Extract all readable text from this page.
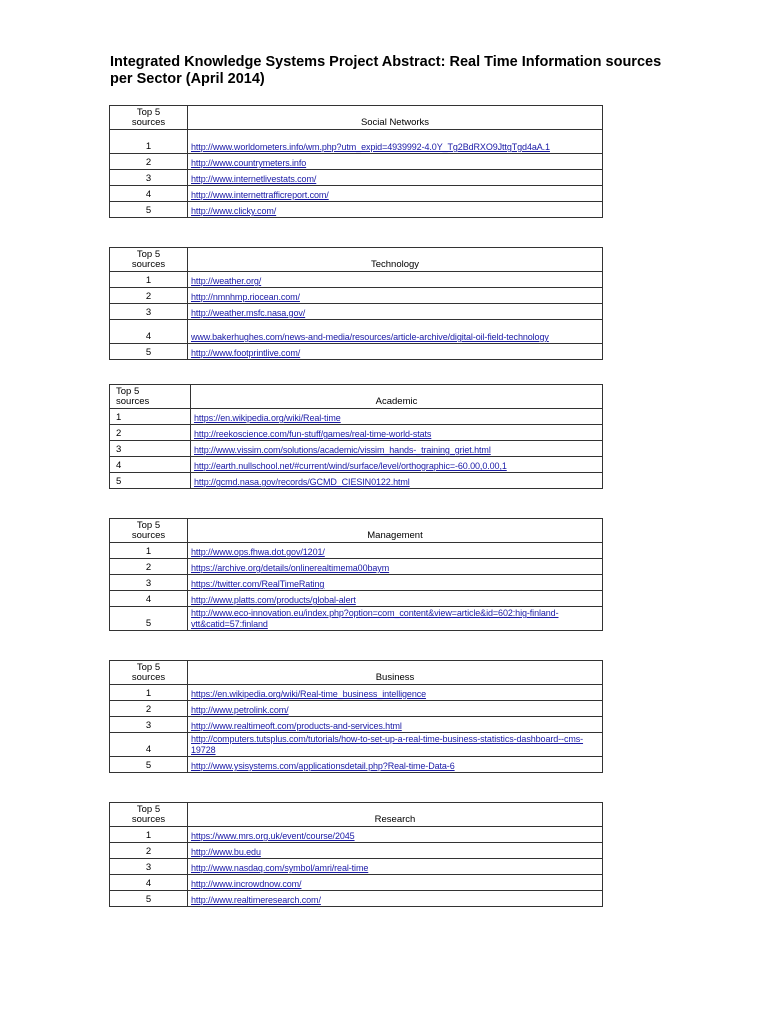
Integrated Knowledge Systems Project Abstract: Real Time Information sources per Sector (April 2014)
Top 5
sources	Social Networks
1	http://www.worldometers.info/wm.php?utm_expid=4939992-4.0Y_Tg2BdRXO9JttgTgd4aA.1
2	http://www.countrymeters.info
3	http://www.internetlivestats.com/
4	http://www.internettrafficreport.com/
5	http://www.clicky.com/
Top 5
sources	Technology
1	http://weather.org/
2	http://nmnhmp.riocean.com/
3	http://weather.msfc.nasa.gov/
4	www.bakerhughes.com/news-and-media/resources/article-archive/digital-oil-field-technology
5	http://www.footprintlive.com/
Top 5
sources	Academic
1	https://en.wikipedia.org/wiki/Real-time
2	http://reekoscience.com/fun-stuff/games/real-time-world-stats
3	http://www.vissim.com/solutions/academic/vissim_hands-_training_griet.html
4	http://earth.nullschool.net/#current/wind/surface/level/orthographic=-60.00,0.00,1
5	http://gcmd.nasa.gov/records/GCMD_CIESIN0122.html
Top 5
sources	Management
1	http://www.ops.fhwa.dot.gov/1201/
2	https://archive.org/details/onlinerealtimema00baym
3	https://twitter.com/RealTimeRating
4	http://www.platts.com/products/global-alert
5	http://www.eco-innovation.eu/index.php?option=com_content&view=article&id=602:hig-finland-vtt&catid=57:finland
Top 5
sources	Business
1	https://en.wikipedia.org/wiki/Real-time_business_intelligence
2	http://www.petrolink.com/
3	http://www.realtimeoft.com/products-and-services.html
4	http://computers.tutsplus.com/tutorials/how-to-set-up-a-real-time-business-statistics-dashboard--cms-19728
5	http://www.ysisystems.com/applicationsdetail.php?Real-time-Data-6
Top 5
sources	Research
1	https://www.mrs.org.uk/event/course/2045
2	http://www.bu.edu
3	http://www.nasdaq.com/symbol/amri/real-time
4	http://www.incrowdnow.com/
5	http://www.realtimeresearch.com/
